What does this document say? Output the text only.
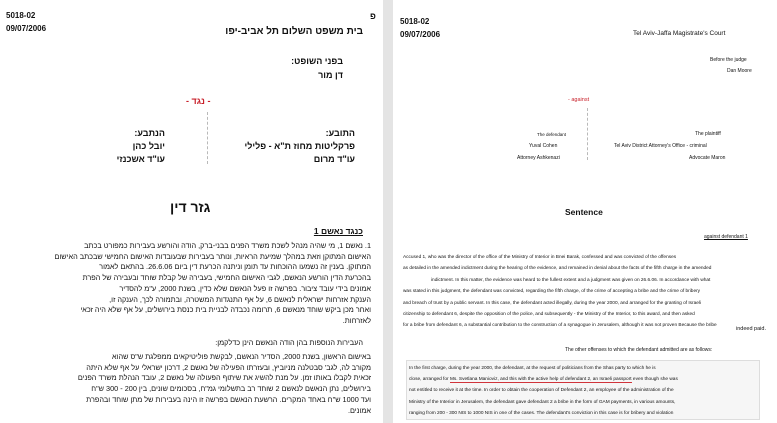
5018-02
09/07/2006
פ
בית משפט השלום תל אביב-יפו
בפני השופט:
דן מור
- נגד -
התובע:
פרקליטות מחוז ת"א - פלילי
עו"ד מרום
הנתבע:
יובל כהן
עו"ד אשכנזי
גזר דין
כנגד נאשם 1
1. נאשם 1, מי שהיה מנהל לשכת משרד הפנים בבני-ברק, הודה והורשע בעבירות כמפורט בכתב
האישום המתוקן וזאת במהלך שמיעת הראיות, ונותר בעבירות שבעובדות האישום החמישי שבכתב האישום
המתוקן. בענין זה נשמעו ההוכחות עד תומן וניתנה הכרעת דין ביום 26.6.06. בהתאם לאמור
בהכרעת הדין הורשע הנאשם, לגבי האישום החמישי, בעבירה של קבלת שוחד ובעבירה של הפרת
אמונים בידי עובד ציבור. בפרשה זו פעל הנאשם שלא כדין, בשנת 2000, ע"מ להסדיר
הענקת אזרחות ישראלית לנאשם 6, על אף התנגדות המשטרה, ובתמורה לכך, הענקה זו,
ואחר מכן ביקש שוחד מנאשם 6, תרומה נכבדה לבניית בית כנסת בירושלים, על אף שלא היה זכאי
לאזרחות.
העבירות הנוספות בהן הודה הנאשם הינן כדלקמן:
באישום הראשון, בשנת 2000, הסדיר הנאשם, לבקשת פוליטיקאים ממפלגת ש"ס שהוא
מקורב לה, לגב' סבטלנה מניוביץ, ובעזרתו הפעילה של נאשם 2, דרכון ישראלי על אף שלא היתה
זכאית לקבלו באותו זמן. על מנת להשיג את שיתוף הפעולה של נאשם 2, עובד הנהלת משרד הפנים
בירושלים, נתן הנאשם לנאשם 2 שוחד רב בתשלומי גמ"ח, בסכומים שונים, בין 200 - 300 ש"ח
ועד 1000 ש"ח באחד המקרים. הרשעת הנאשם בפרשה זו הינה בעבירות של מתן שוחד ובהפרת
אמונים.
5018-02
09/07/2006	Tel Aviv-Jaffa Magistrate's Court
Before the judge
Dan Moore
- against
The defendant
Yuval Cohen
Attorney Ashkenazi
The plaintiff
Tel Aviv District Attorney's Office - criminal
Advocate Maron
Sentence
against defendant 1
Accused 1, who was the director of the office of the Ministry of Interior in Bnei Barak, confessed and was convicted of the offenses
as detailed in the amended indictment during the hearing of the evidence, and remained in denial about the facts of the fifth charge in the amended
indictment. In this matter, the evidence was heard to the fullest extent and a judgment was given on 26.6.06. In accordance with what
was stated in this judgment, the defendant was convicted, regarding the fifth charge, of the crime of accepting a bribe and the crime of bribery
and breach of trust by a public servant. In this case, the defendant acted illegally, during the year 2000, and arranged for the granting of Israeli
citizenship to defendant 6, despite the opposition of the police, and subsequently - the Ministry of the Interior, to this award, and then asked
for a bribe from defendant 6, a substantial contribution to the construction of a synagogue in Jerusalem, although it was not proven Because the bribe
indeed paid.
The other offenses to which the defendant admitted are as follows:
In the first charge, during the year 2000, the defendant, at the request of politicians from the Shas party to which he is
close, arranged for Ms. Svetlana Manioviz, and this with the active help of defendant 2, an Israeli passport even though she was
not entitled to receive it at the time. In order to obtain the cooperation of Defendant 2, an employee of the administration of the
Ministry of the Interior in Jerusalem, the defendant gave defendant 2 a bribe in the form of GAM payments, in various amounts,
ranging from 200 - 300 NIS to 1000 NIS in one of the cases. The defendant's conviction in this case is for bribery and violation
